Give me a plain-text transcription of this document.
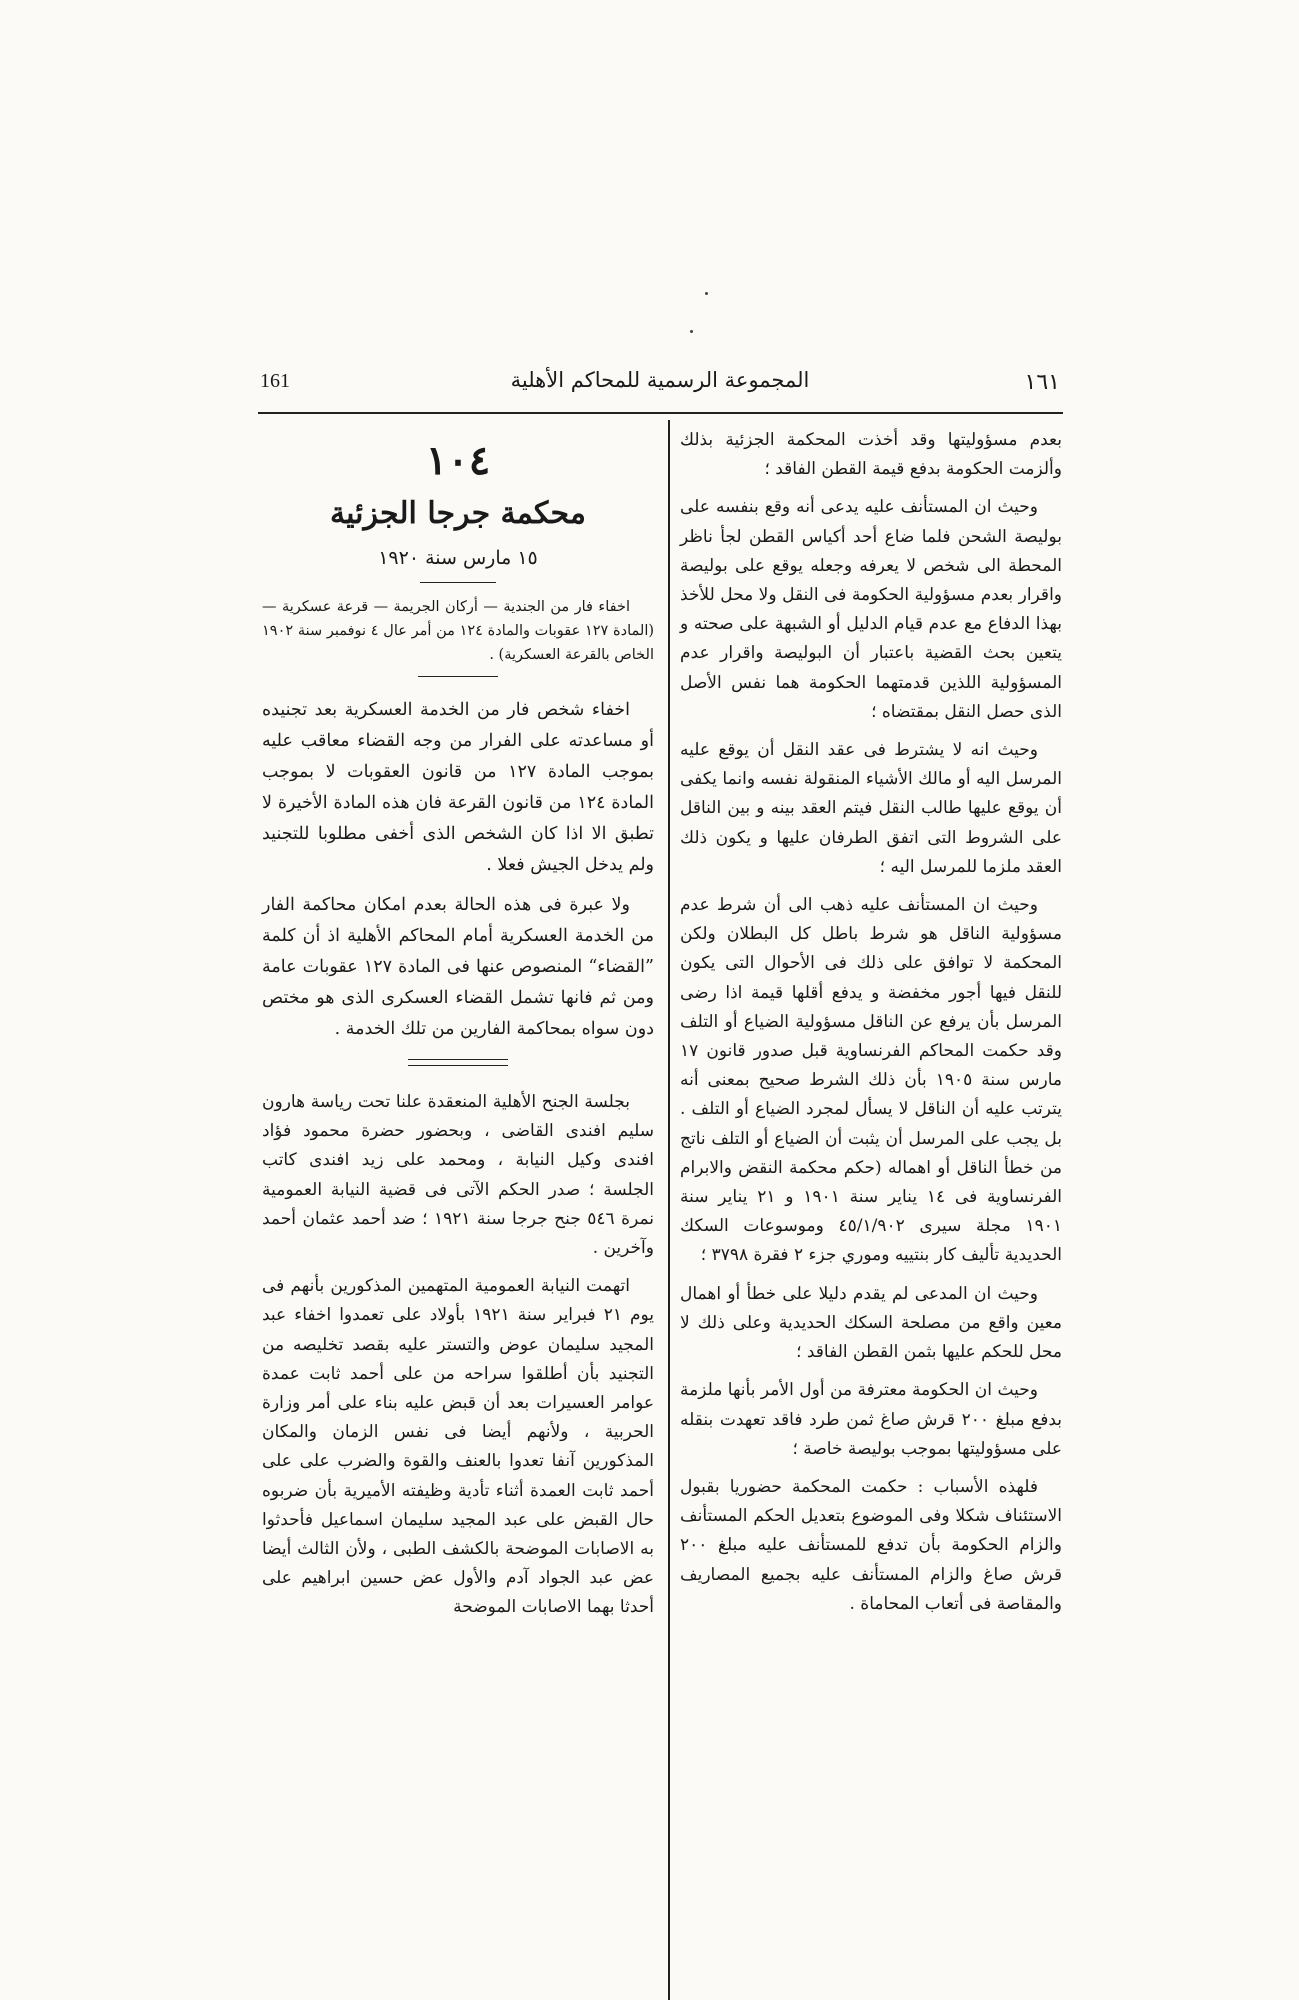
١٦١
المجموعة الرسمية للمحاكم الأهلية
161

بعدم مسؤوليتها وقد أخذت المحكمة الجزئية بذلك وألزمت الحكومة بدفع قيمة القطن الفاقد ؛

وحيث ان المستأنف عليه يدعى أنه وقع بنفسه على بوليصة الشحن فلما ضاع أحد أكياس القطن لجأ ناظر المحطة الى شخص لا يعرفه وجعله يوقع على بوليصة واقرار بعدم مسؤولية الحكومة فى النقل ولا محل للأخذ بهذا الدفاع مع عدم قيام الدليل أو الشبهة على صحته و يتعين بحث القضية باعتبار أن البوليصة واقرار عدم المسؤولية اللذين قدمتهما الحكومة هما نفس الأصل الذى حصل النقل بمقتضاه ؛

وحيث انه لا يشترط فى عقد النقل أن يوقع عليه المرسل اليه أو مالك الأشياء المنقولة نفسه وانما يكفى أن يوقع عليها طالب النقل فيتم العقد بينه و بين الناقل على الشروط التى اتفق الطرفان عليها و يكون ذلك العقد ملزما للمرسل اليه ؛

وحيث ان المستأنف عليه ذهب الى أن شرط عدم مسؤولية الناقل هو شرط باطل كل البطلان ولكن المحكمة لا توافق على ذلك فى الأحوال التى يكون للنقل فيها أجور مخفضة و يدفع أقلها قيمة اذا رضى المرسل بأن يرفع عن الناقل مسؤولية الضياع أو التلف وقد حكمت المحاكم الفرنساوية قبل صدور قانون ١٧ مارس سنة ١٩٠٥ بأن ذلك الشرط صحيح بمعنى أنه يترتب عليه أن الناقل لا يسأل لمجرد الضياع أو التلف . بل يجب على المرسل أن يثبت أن الضياع أو التلف ناتج من خطأ الناقل أو اهماله (حكم محكمة النقض والابرام الفرنساوية فى ١٤ يناير سنة ١٩٠١ و ٢١ يناير سنة ١٩٠١ مجلة سيرى ٤٥/١/٩٠٢ وموسوعات السكك الحديدية تأليف كار بنتييه وموري جزء ٢ فقرة ٣٧٩٨ ؛

وحيث ان المدعى لم يقدم دليلا على خطأ أو اهمال معين واقع من مصلحة السكك الحديدية وعلى ذلك لا محل للحكم عليها بثمن القطن الفاقد ؛

وحيث ان الحكومة معترفة من أول الأمر بأنها ملزمة بدفع مبلغ ٢٠٠ قرش صاغ ثمن طرد فاقد تعهدت بنقله على مسؤوليتها بموجب بوليصة خاصة ؛

فلهذه الأسباب : حكمت المحكمة حضوريا بقبول الاستئناف شكلا وفى الموضوع بتعديل الحكم المستأنف والزام الحكومة بأن تدفع للمستأنف عليه مبلغ ٢٠٠ قرش صاغ والزام المستأنف عليه بجميع المصاريف والمقاصة فى أتعاب المحاماة .

١٠٤
محكمة جرجا الجزئية
١٥ مارس سنة ١٩٢٠

اخفاء فار من الجندية — أركان الجريمة — قرعة عسكرية — (المادة ١٢٧ عقوبات والمادة ١٢٤ من أمر عال ٤ نوفمبر سنة ١٩٠٢ الخاص بالقرعة العسكرية) .

اخفاء شخص فار من الخدمة العسكرية بعد تجنيده أو مساعدته على الفرار من وجه القضاء معاقب عليه بموجب المادة ١٢٧ من قانون العقوبات لا بموجب المادة ١٢٤ من قانون القرعة فان هذه المادة الأخيرة لا تطبق الا اذا كان الشخص الذى أخفى مطلوبا للتجنيد ولم يدخل الجيش فعلا .

ولا عبرة فى هذه الحالة بعدم امكان محاكمة الفار من الخدمة العسكرية أمام المحاكم الأهلية اذ أن كلمة ”القضاء“ المنصوص عنها فى المادة ١٢٧ عقوبات عامة ومن ثم فانها تشمل القضاء العسكرى الذى هو مختص دون سواه بمحاكمة الفارين من تلك الخدمة .

بجلسة الجنح الأهلية المنعقدة علنا تحت رياسة هارون سليم افندى القاضى ، وبحضور حضرة محمود فؤاد افندى وكيل النيابة ، ومحمد على زيد افندى كاتب الجلسة ؛ صدر الحكم الآتى فى قضية النيابة العمومية نمرة ٥٤٦ جنح جرجا سنة ١٩٢١ ؛ ضد أحمد عثمان أحمد وآخرين .

اتهمت النيابة العمومية المتهمين المذكورين بأنهم فى يوم ٢١ فبراير سنة ١٩٢١ بأولاد على تعمدوا اخفاء عبد المجيد سليمان عوض والتستر عليه بقصد تخليصه من التجنيد بأن أطلقوا سراحه من على أحمد ثابت عمدة عوامر العسيرات بعد أن قبض عليه بناء على أمر وزارة الحربية ، ولأنهم أيضا فى نفس الزمان والمكان المذكورين آنفا تعدوا بالعنف والقوة والضرب على على أحمد ثابت العمدة أثناء تأدية وظيفته الأميرية بأن ضربوه حال القبض على عبد المجيد سليمان اسماعيل فأحدثوا به الاصابات الموضحة بالكشف الطبى ، ولأن الثالث أيضا عض عبد الجواد آدم والأول عض حسين ابراهيم على أحدثا بهما الاصابات الموضحة
